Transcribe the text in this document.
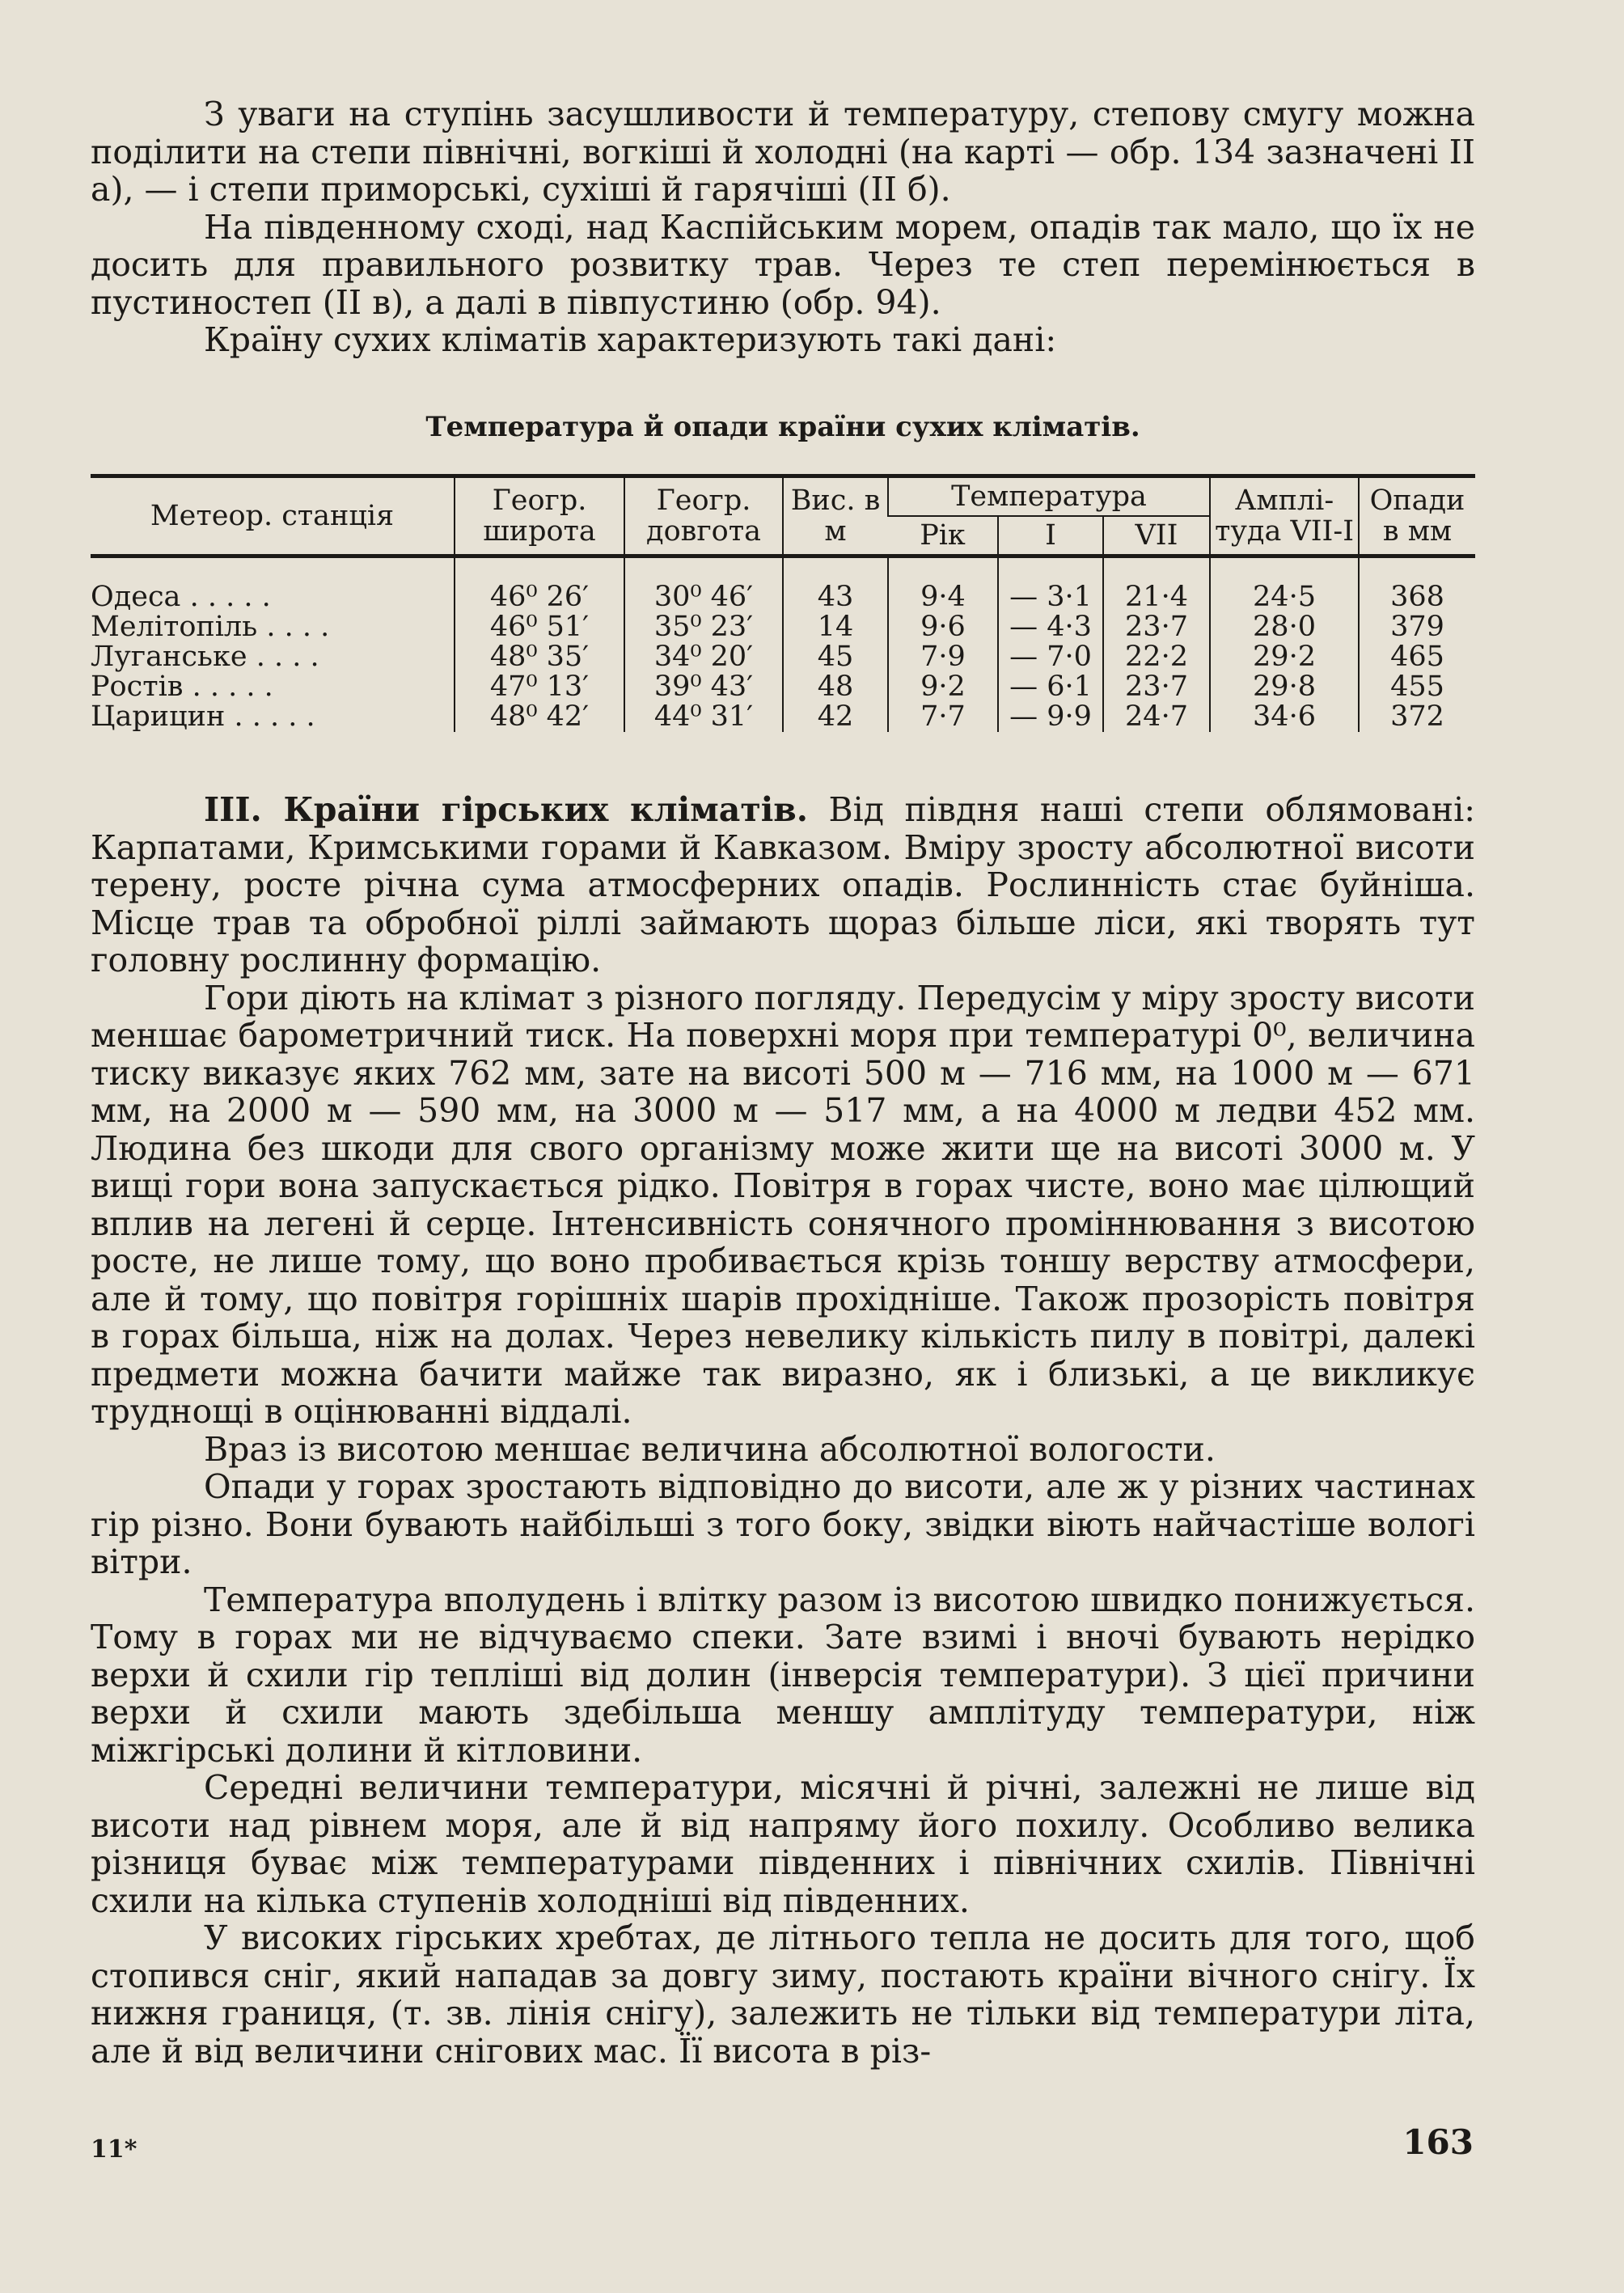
З уваги на ступінь засушливости й температуру, степову смугу можна поділити на степи північні, вогкіші й холодні (на карті — обр. 134 зазначені II а), — і степи приморські, сухіші й гарячіші (II б).

На південному сході, над Каспійським морем, опадів так мало, що їх не досить для правильного розвитку трав. Через те степ перемінюється в пустиностеп (II в), а далі в півпустиню (обр. 94).

Країну сухих кліматів характеризують такі дані:

Температура й опади країни сухих кліматів.
Метеор. станція	Геогр. широта	Геогр. довгота	Вис. в м	Температура			Амплі-туда VII-I	Опади в мм
				Рік	I	VII		

Одеса . . . . .	46⁰ 26′	30⁰ 46′	43	9·4	— 3·1	21·4	24·5	368
Мелітопіль . . . .	46⁰ 51′	35⁰ 23′	14	9·6	— 4·3	23·7	28·0	379
Луганське . . . .	48⁰ 35′	34⁰ 20′	45	7·9	— 7·0	22·2	29·2	465
Ростів . . . . .	47⁰ 13′	39⁰ 43′	48	9·2	— 6·1	23·7	29·8	455
Царицин . . . . .	48⁰ 42′	44⁰ 31′	42	7·7	— 9·9	24·7	34·6	372

III. Країни гірських кліматів. Від півдня наші степи облямовані: Карпатами, Кримськими горами й Кавказом. Вміру зросту абсолютної висоти терену, росте річна сума атмосферних опадів. Рослинність стає буйніша. Місце трав та обробної ріллі займають щораз більше ліси, які творять тут головну рослинну формацію.

Гори діють на клімат з різного погляду. Передусім у міру зросту висоти меншає барометричний тиск. На поверхні моря при температурі 0⁰, величина тиску виказує яких 762 мм, зате на висоті 500 м — 716 мм, на 1000 м — 671 мм, на 2000 м — 590 мм, на 3000 м — 517 мм, а на 4000 м ледви 452 мм. Людина без шкоди для свого організму може жити ще на висоті 3000 м. У вищі гори вона запускається рідко. Повітря в горах чисте, воно має цілющий вплив на легені й серце. Інтенсивність сонячного проміннювання з висотою росте, не лише тому, що воно пробивається крізь тоншу верству атмосфери, але й тому, що повітря горішніх шарів прохідніше. Також прозорість повітря в горах більша, ніж на долах. Через невелику кількість пилу в повітрі, далекі предмети можна бачити майже так виразно, як і близькі, а це викликує труднощі в оцінюванні віддалі.

Враз із висотою меншає величина абсолютної вологости.

Опади у горах зростають відповідно до висоти, але ж у різних частинах гір різно. Вони бувають найбільші з того боку, звідки віють найчастіше вологі вітри.

Температура вполудень і влітку разом із висотою швидко понижується. Тому в горах ми не відчуваємо спеки. Зате взимі і вночі бувають нерідко верхи й схили гір тепліші від долин (інверсія температури). З цієї причини верхи й схили мають здебільша меншу амплітуду температури, ніж міжгірські долини й кітловини.

Середні величини температури, місячні й річні, залежні не лише від висоти над рівнем моря, але й від напряму його похилу. Особливо велика різниця буває між температурами південних і північних схилів. Північні схили на кілька ступенів холодніші від південних.

У високих гірських хребтах, де літнього тепла не досить для того, щоб стопився сніг, який нападав за довгу зиму, постають країни вічного снігу. Їх нижня границя, (т. зв. лінія снігу), залежить не тільки від температури літа, але й від величини снігових мас. Її висота в різ-

11*	163
